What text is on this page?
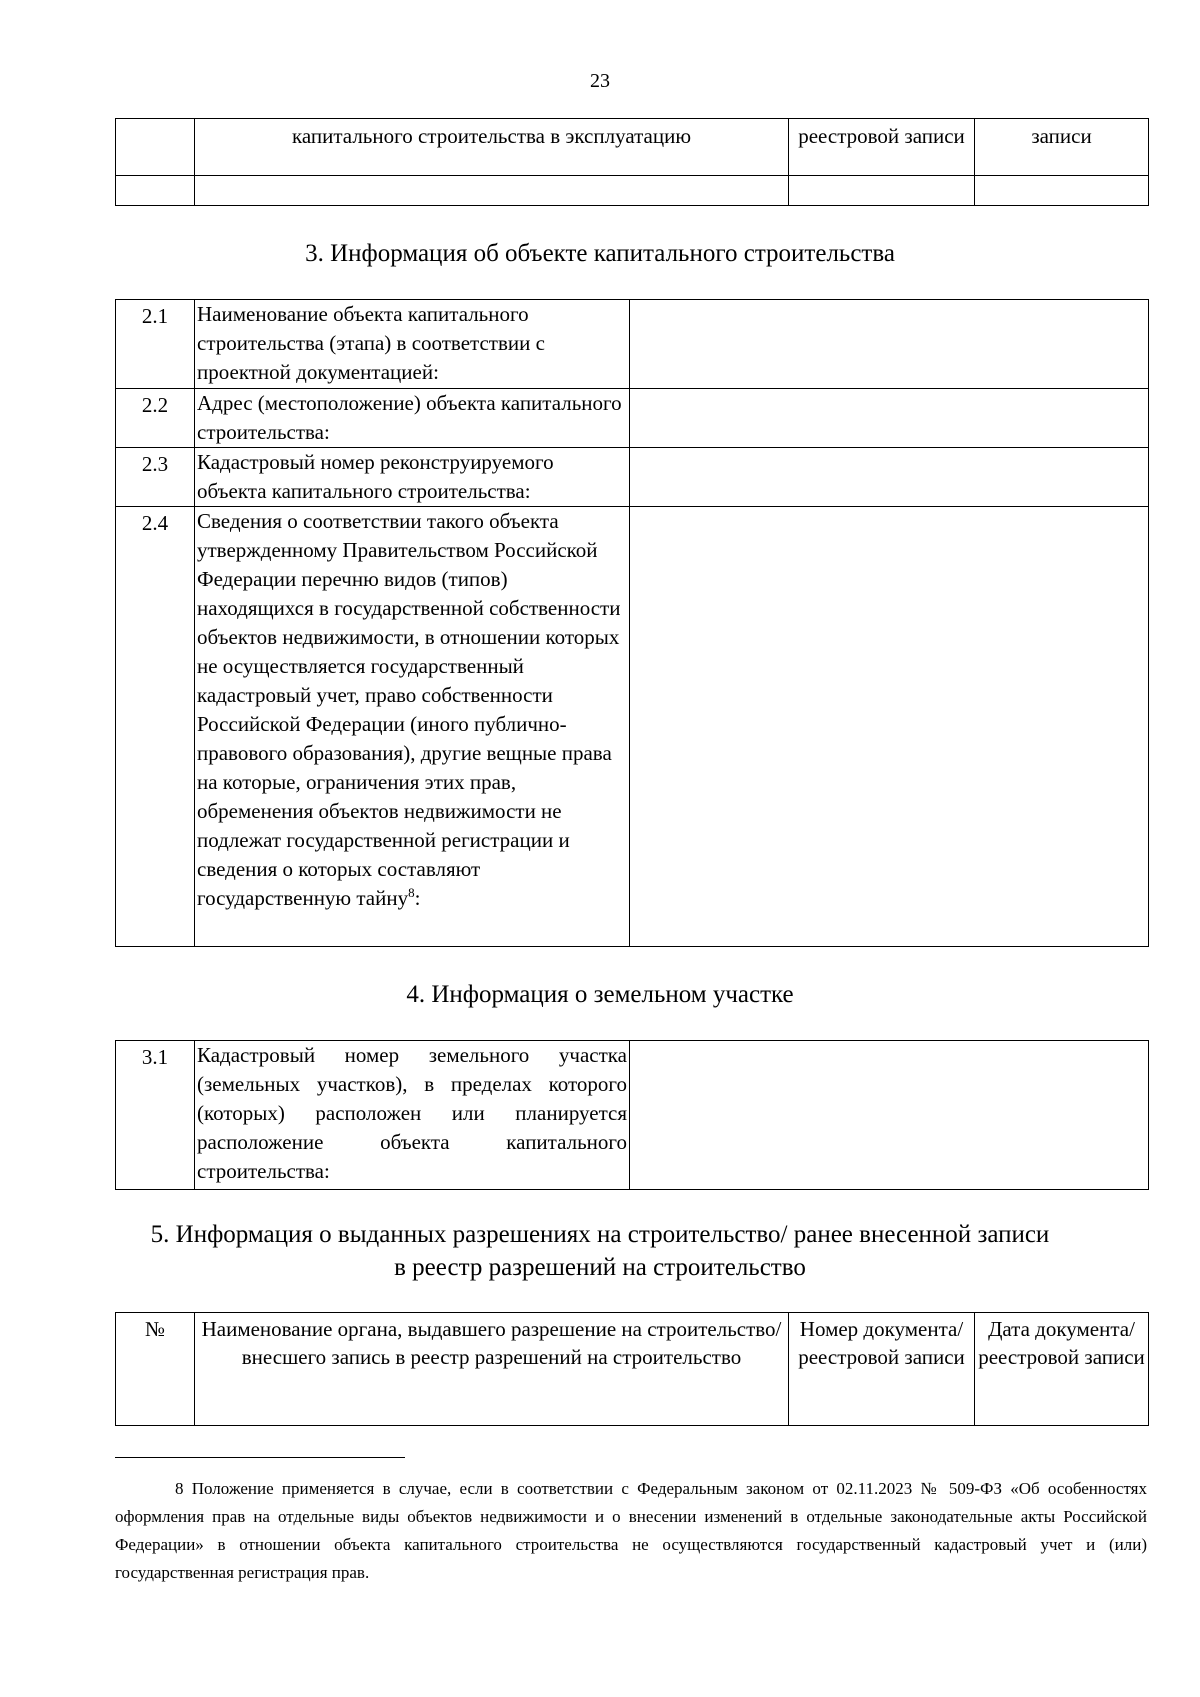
23
	капитального строительства в эксплуатацию	реестровой записи	записи

3. Информация об объекте капитального строительства
2.1	Наименование объекта капитального строительства (этапа) в соответствии с проектной документацией:	
2.2	Адрес (местоположение) объекта капитального строительства:	
2.3	Кадастровый номер реконструируемого объекта капитального строительства:	
2.4	Сведения о соответствии такого объекта утвержденному Правительством Российской Федерации перечню видов (типов) находящихся в государственной собственности объектов недвижимости, в отношении которых не осуществляется государственный кадастровый учет, право собственности Российской Федерации (иного публично-правового образования), другие вещные права на которые, ограничения этих прав, обременения объектов недвижимости не подлежат государственной регистрации и сведения о которых составляют государственную тайну$^8$:	
4. Информация о земельном участке
3.1	Кадастровый номер земельного участка (земельных участков), в пределах которого (которых) расположен или планируется расположение объекта капитального строительства:	
5. Информация о выданных разрешениях на строительство/ ранее внесенной записи
в реестр разрешений на строительство
№	Наименование органа, выдавшего разрешение на строительство/ внесшего запись в реестр разрешений на строительство	Номер документа/ реестровой записи	Дата документа/ реестровой записи
8 Положение применяется в случае, если в соответствии с Федеральным законом от 02.11.2023 № 509-ФЗ «Об особенностях оформления прав на отдельные виды объектов недвижимости и о внесении изменений в отдельные законодательные акты Российской Федерации» в отношении объекта капитального строительства не осуществляются государственный кадастровый учет и (или) государственная регистрация прав.
